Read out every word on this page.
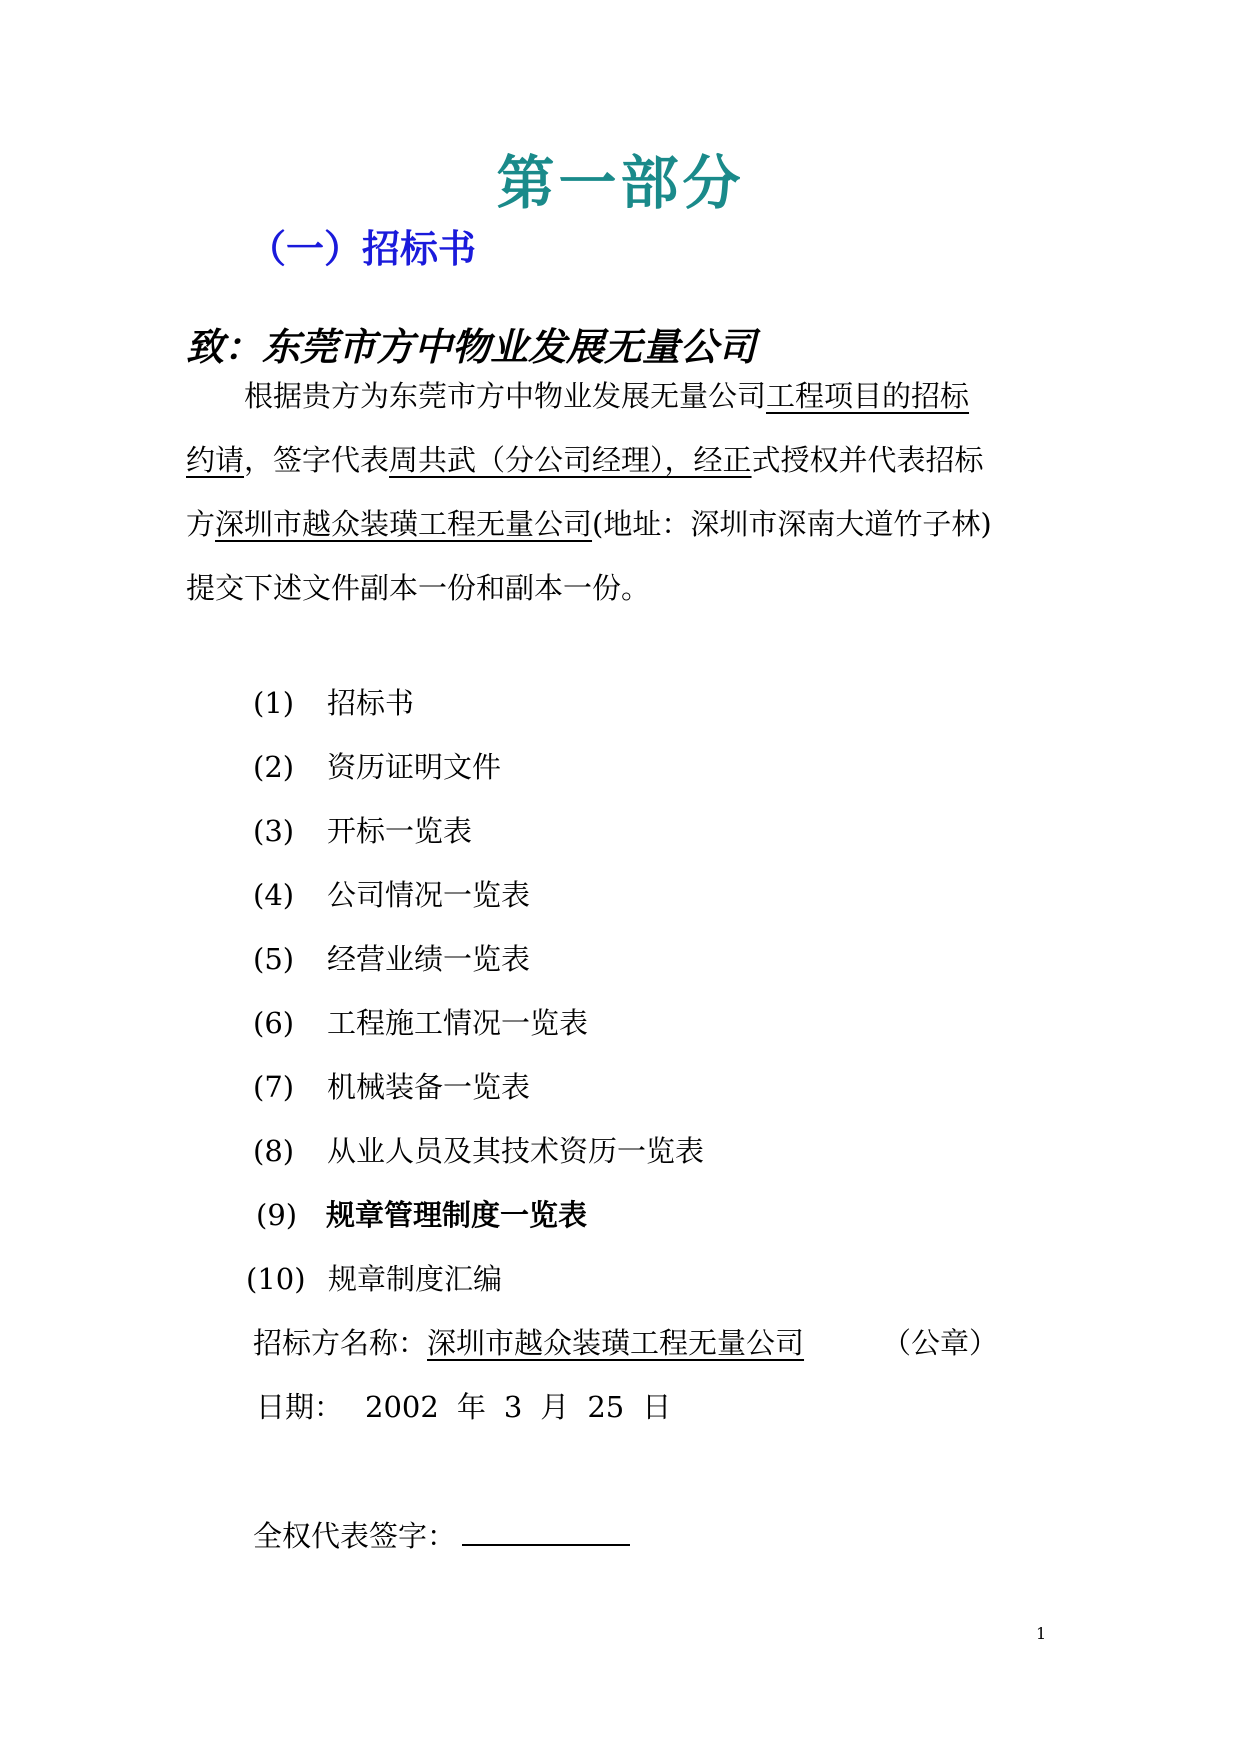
第一部分
（一）招标书
致：东莞市方中物业发展无量公司
根据贵方为东莞市方中物业发展无量公司工程项目的招标
约请，签字代表周共武（分公司经理），经正式授权并代表招标
方深圳市越众装璜工程无量公司(地址：深圳市深南大道竹子林)
提交下述文件副本一份和副本一份。
(1) 招标书
(2) 资历证明文件
(3) 开标一览表
(4) 公司情况一览表
(5) 经营业绩一览表
(6) 工程施工情况一览表
(7) 机械装备一览表
(8) 从业人员及其技术资历一览表
(9) 规章管理制度一览表
(10) 规章制度汇编
招标方名称：深圳市越众装璜工程无量公司	（公章）
日期： 2002 年 3 月 25 日
全权代表签字：
1
